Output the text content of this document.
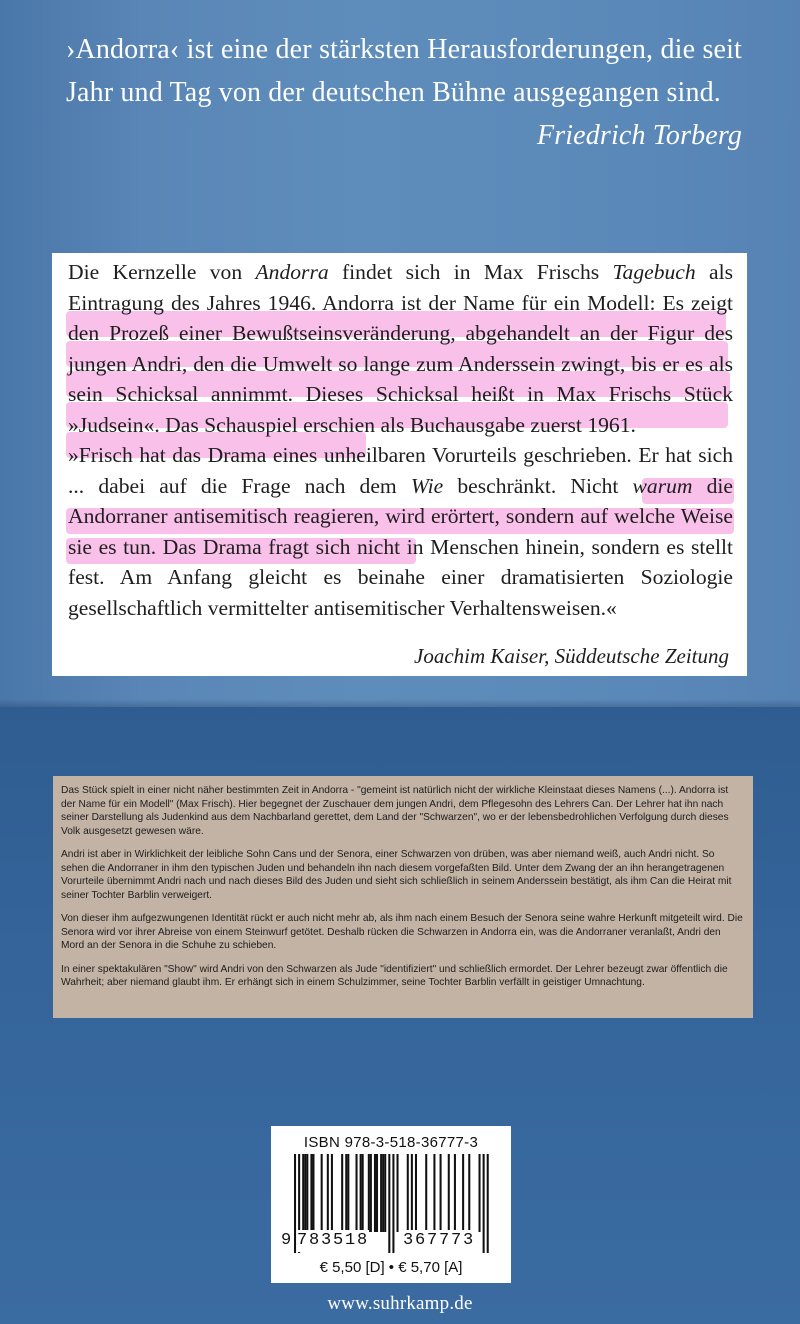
›Andorra‹ ist eine der stärksten Herausforderungen, die seit Jahr und Tag von der deutschen Bühne ausgegangen sind.
Friedrich Torberg

Die Kernzelle von Andorra findet sich in Max Frischs Tagebuch als Eintragung des Jahres 1946. Andorra ist der Name für ein Modell: Es zeigt den Prozeß einer Bewußtseinsveränderung, abgehandelt an der Figur des jungen Andri, den die Umwelt so lange zum Anderssein zwingt, bis er es als sein Schicksal annimmt. Dieses Schicksal heißt in Max Frischs Stück »Judsein«. Das Schauspiel erschien als Buchausgabe zuerst 1961.

»Frisch hat das Drama eines unheilbaren Vorurteils geschrieben. Er hat sich ... dabei auf die Frage nach dem Wie beschränkt. Nicht warum die Andorraner antisemitisch reagieren, wird erörtert, sondern auf welche Weise sie es tun. Das Drama fragt sich nicht in Menschen hinein, sondern es stellt fest. Am Anfang gleicht es beinahe einer dramatisierten Soziologie gesellschaftlich vermittelter antisemitischer Verhaltensweisen.«

Joachim Kaiser, Süddeutsche Zeitung

Das Stück spielt in einer nicht näher bestimmten Zeit in Andorra - "gemeint ist natürlich nicht der wirkliche Kleinstaat dieses Namens (...). Andorra ist der Name für ein Modell" (Max Frisch). Hier begegnet der Zuschauer dem jungen Andri, dem Pflegesohn des Lehrers Can. Der Lehrer hat ihn nach seiner Darstellung als Judenkind aus dem Nachbarland gerettet, dem Land der "Schwarzen", wo er der lebensbedrohlichen Verfolgung durch dieses Volk ausgesetzt gewesen wäre.

Andri ist aber in Wirklichkeit der leibliche Sohn Cans und der Senora, einer Schwarzen von drüben, was aber niemand weiß, auch Andri nicht. So sehen die Andorraner in ihm den typischen Juden und behandeln ihn nach diesem vorgefaßten Bild. Unter dem Zwang der an ihn herangetragenen Vorurteile übernimmt Andri nach und nach dieses Bild des Juden und sieht sich schließlich in seinem Anderssein bestätigt, als ihm Can die Heirat mit seiner Tochter Barblin verweigert.

Von dieser ihm aufgezwungenen Identität rückt er auch nicht mehr ab, als ihm nach einem Besuch der Senora seine wahre Herkunft mitgeteilt wird. Die Senora wird vor ihrer Abreise von einem Steinwurf getötet. Deshalb rücken die Schwarzen in Andorra ein, was die Andorraner veranlaßt, Andri den Mord an der Senora in die Schuhe zu schieben.

In einer spektakulären "Show" wird Andri von den Schwarzen als Jude "identifiziert" und schließlich ermordet. Der Lehrer bezeugt zwar öffentlich die Wahrheit; aber niemand glaubt ihm. Er erhängt sich in einem Schulzimmer, seine Tochter Barblin verfällt in geistiger Umnachtung.

ISBN 978-3-518-36777-3
9 783518 367773
€ 5,50 [D] • € 5,70 [A]
www.suhrkamp.de
